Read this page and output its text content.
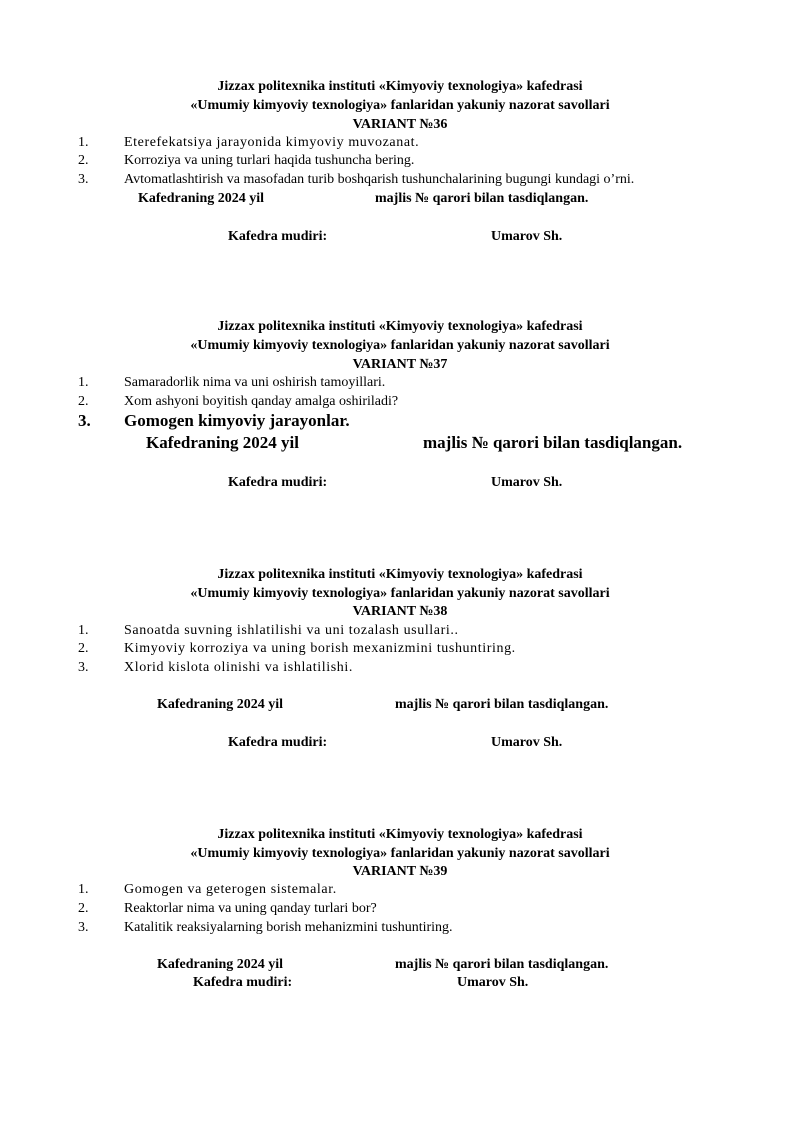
Jizzax politexnika instituti «Kimyoviy texnologiya» kafedrasi
«Umumiy kimyoviy texnologiya» fanlaridan yakuniy nazorat savollari
VARIANT №36
1.	Eterefekatsiya jarayonida kimyoviy muvozanat.
2.	Korroziya va uning turlari haqida tushuncha bering.
3.	Avtomatlashtirish va masofadan turib boshqarish tushunchalarining bugungi kundagi o’rni.
Kafedraning 2024 yil	majlis № qarori bilan tasdiqlangan.
Kafedra mudiri:	Umarov Sh.
Jizzax politexnika instituti «Kimyoviy texnologiya» kafedrasi
«Umumiy kimyoviy texnologiya» fanlaridan yakuniy nazorat savollari
VARIANT №37
1.	Samaradorlik nima va uni oshirish tamoyillari.
2.	Xom ashyoni boyitish qanday amalga oshiriladi?
3. Gomogen kimyoviy jarayonlar.
Kafedraning 2024 yil	majlis № qarori bilan tasdiqlangan.
Kafedra mudiri:	Umarov Sh.
Jizzax politexnika instituti «Kimyoviy texnologiya» kafedrasi
«Umumiy kimyoviy texnologiya» fanlaridan yakuniy nazorat savollari
VARIANT №38
1.	Sanoatda suvning ishlatilishi va uni tozalash usullari..
2.	Kimyoviy korroziya va uning borish mexanizmini tushuntiring.
3.	Xlorid kislota olinishi va ishlatilishi.
Kafedraning 2024 yil	majlis № qarori bilan tasdiqlangan.
Kafedra mudiri:	Umarov Sh.
Jizzax politexnika instituti «Kimyoviy texnologiya» kafedrasi
«Umumiy kimyoviy texnologiya» fanlaridan yakuniy nazorat savollari
VARIANT №39
1.	Gomogen va geterogen sistemalar.
2.	Reaktorlar nima va uning qanday turlari bor?
3.	Katalitik reaksiyalarning borish mehanizmini tushuntiring.
Kafedraning 2024 yil	majlis № qarori bilan tasdiqlangan.
Kafedra mudiri:	Umarov Sh.
